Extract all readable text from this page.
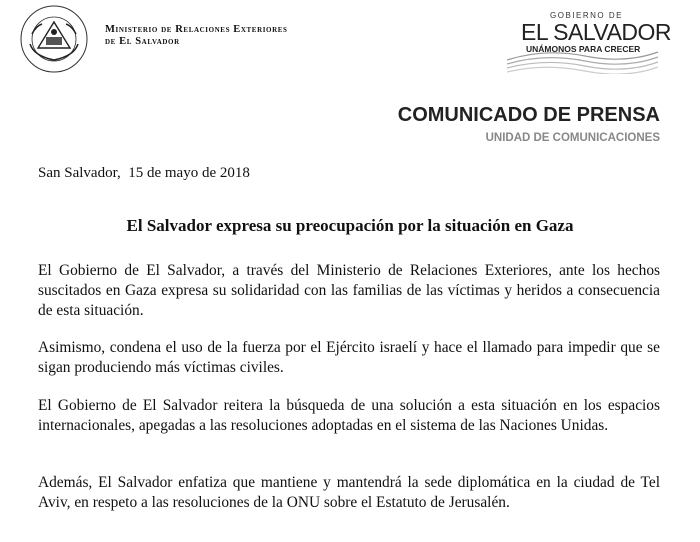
Ministerio de Relaciones Exteriores
de El Salvador
GOBIERNO DE
EL SALVADOR
UNÁMONOS PARA CRECER
COMUNICADO DE PRENSA
UNIDAD DE COMUNICACIONES
San Salvador,  15 de mayo de 2018
El Salvador expresa su preocupación por la situación en Gaza
El Gobierno de El Salvador, a través del Ministerio de Relaciones Exteriores, ante los hechos suscitados en Gaza expresa su solidaridad con las familias de las víctimas y heridos a consecuencia de esta situación.
Asimismo, condena el uso de la fuerza por el Ejército israelí y hace el llamado para impedir que se sigan produciendo más víctimas civiles.
El Gobierno de El Salvador reitera la búsqueda de una solución a esta situación en los espacios internacionales, apegadas a las resoluciones adoptadas en el sistema de las Naciones Unidas.
Además, El Salvador enfatiza que mantiene y mantendrá la sede diplomática en la ciudad de Tel Aviv, en respeto a las resoluciones de la ONU sobre el Estatuto de Jerusalén.
